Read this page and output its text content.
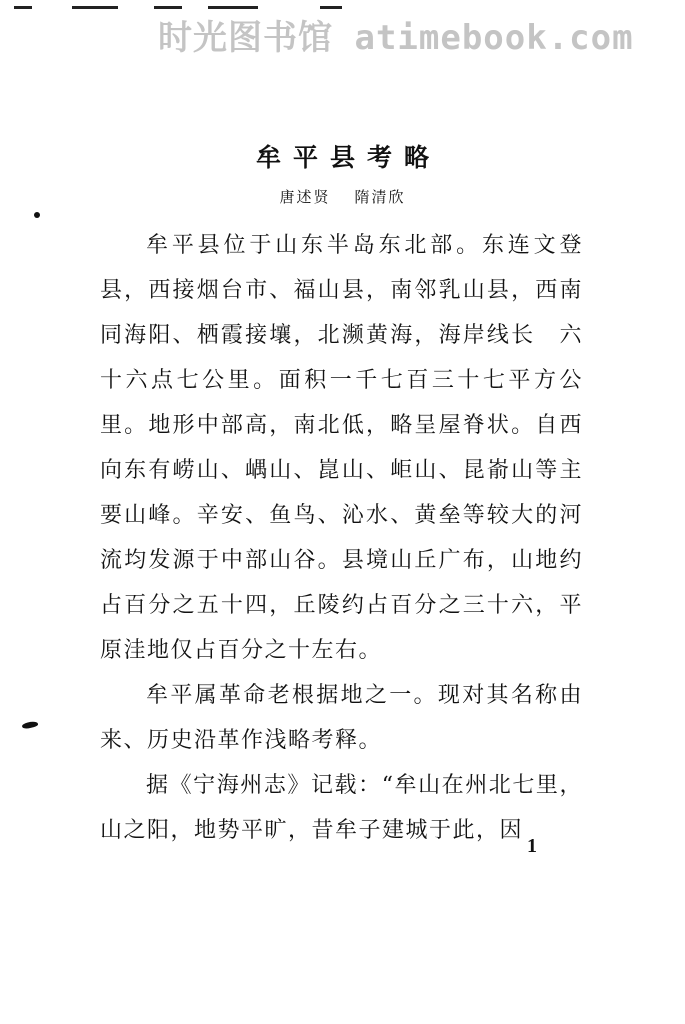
时光图书馆 atimebook.com
牟平县考略
唐述贤 隋清欣

牟平县位于山东半岛东北部。东连文登县，西接烟台市、福山县，南邻乳山县，西南同海阳、栖霞接壤，北濒黄海，海岸线长　六十六点七公里。面积一千七百三十七平方公里。地形中部高，南北低，略呈屋脊状。自西向东有崂山、嵎山、崑山、岠山、昆嵛山等主要山峰。辛安、鱼鸟、沁水、黄垒等较大的河流均发源于中部山谷。县境山丘广布，山地约占百分之五十四，丘陵约占百分之三十六，平原洼地仅占百分之十左右。

牟平属革命老根据地之一。现对其名称由来、历史沿革作浅略考释。

据《宁海州志》记载：“牟山在州北七里，山之阳，地势平旷，昔牟子建城于此，因

1
